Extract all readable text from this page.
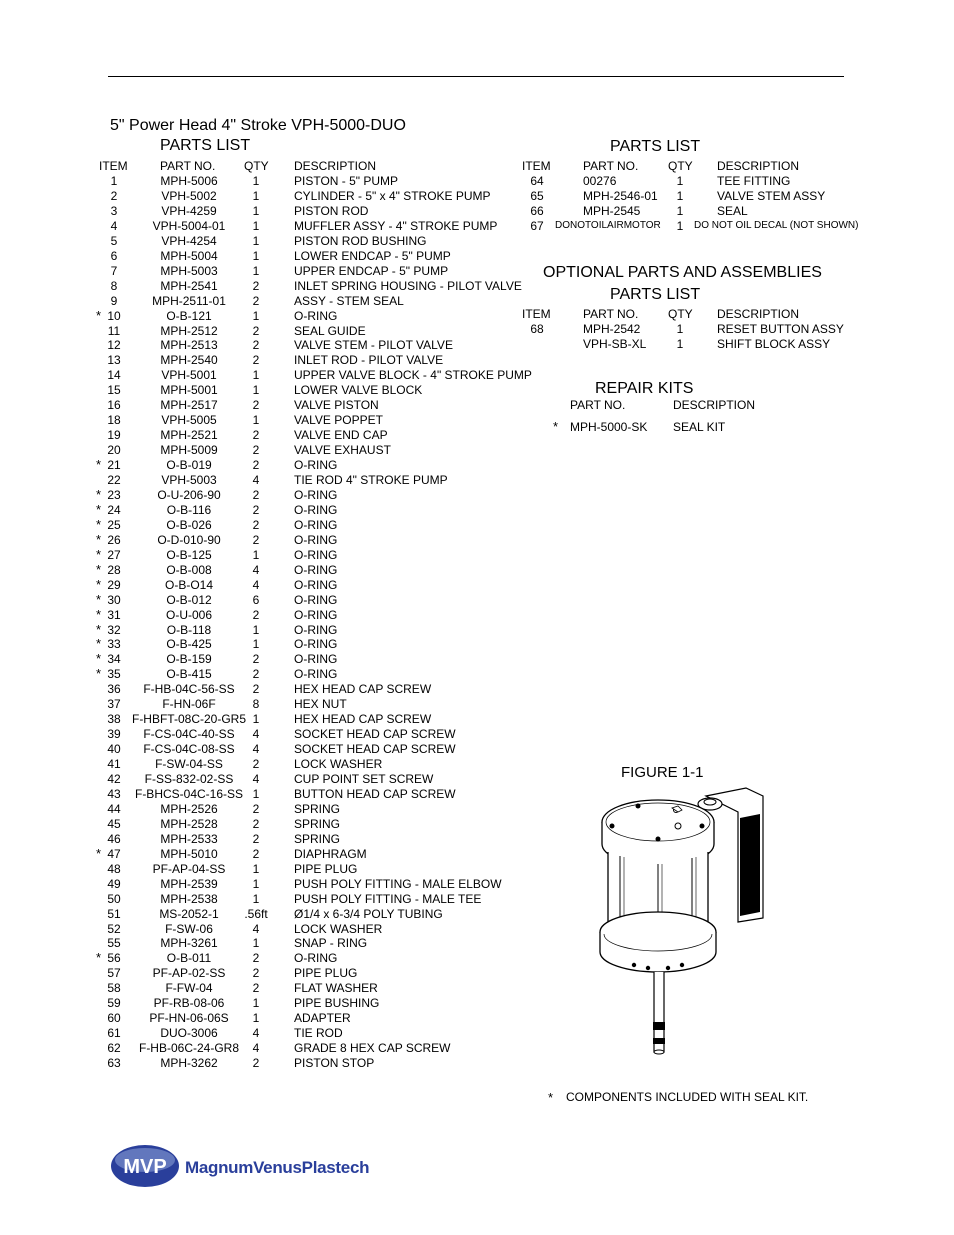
5" Power Head 4" Stroke VPH-5000-DUO
PARTS LIST
ITEM	PART NO. QTY DESCRIPTION
1	MPH-5006	1	PISTON - 5" PUMP
2	VPH-5002	1	CYLINDER - 5" x 4" STROKE PUMP
3	VPH-4259	1	PISTON ROD
4	VPH-5004-01 1	MUFFLER ASSY - 4" STROKE PUMP
5	VPH-4254	1	PISTON ROD BUSHING
6	MPH-5004	1	LOWER ENDCAP - 5" PUMP
7	MPH-5003	1	UPPER ENDCAP - 5" PUMP
8	MPH-2541	2	INLET SPRING HOUSING - PILOT VALVE
9	MPH-2511-01 2	ASSY - STEM SEAL
* 10	O-B-121	1	O-RING
11	MPH-2512	2	SEAL GUIDE
12	MPH-2513	2	VALVE STEM - PILOT VALVE
13	MPH-2540	2	INLET ROD - PILOT VALVE
14	VPH-5001	1	UPPER VALVE BLOCK - 4" STROKE PUMP
15	MPH-5001	1	LOWER VALVE BLOCK
16	MPH-2517	2	VALVE PISTON
18	VPH-5005	1	VALVE POPPET
19	MPH-2521	2	VALVE END CAP
20	MPH-5009	2	VALVE EXHAUST
* 21	O-B-019	2	O-RING
22	VPH-5003	4	TIE ROD 4" STROKE PUMP
* 23	O-U-206-90	2	O-RING
* 24	O-B-116	2	O-RING
* 25	O-B-026	2	O-RING
* 26	O-D-010-90	2	O-RING
* 27	O-B-125	1	O-RING
* 28	O-B-008	4	O-RING
* 29	O-B-O14	4	O-RING
* 30	O-B-012	6	O-RING
* 31	O-U-006	2	O-RING
* 32	O-B-118	1	O-RING
* 33	O-B-425	1	O-RING
* 34	O-B-159	2	O-RING
* 35	O-B-415	2	O-RING
36 F-HB-04C-56-SS 2	HEX HEAD CAP SCREW
37	F-HN-06F	8	HEX NUT
38 F-HBFT-08C-20-GR5 1	HEX HEAD CAP SCREW
39 F-CS-04C-40-SS 4	SOCKET HEAD CAP SCREW
40 F-CS-04C-08-SS 4	SOCKET HEAD CAP SCREW
41	F-SW-04-SS 2	LOCK WASHER
42 F-SS-832-02-SS 4	CUP POINT SET SCREW
43 F-BHCS-04C-16-SS 1	BUTTON HEAD CAP SCREW
44	MPH-2526	2	SPRING
45	MPH-2528	2	SPRING
46	MPH-2533	2	SPRING
* 47	MPH-5010	2	DIAPHRAGM
48	PF-AP-04-SS 1	PIPE PLUG
49	MPH-2539	1	PUSH POLY FITTING - MALE ELBOW
50	MPH-2538	1	PUSH POLY FITTING - MALE TEE
51	MS-2052-1 .56ft Ø1/4 x 6-3/4 POLY TUBING
52	F-SW-06	4	LOCK WASHER
55	MPH-3261	1	SNAP - RING
* 56	O-B-011	2	O-RING
57	PF-AP-02-SS 2	PIPE PLUG
58	F-FW-04	2	FLAT WASHER
59	PF-RB-08-06 1	PIPE BUSHING
60 PF-HN-06-06S 1	ADAPTER
61	DUO-3006	4	TIE ROD
62 F-HB-06C-24-GR8 4	GRADE 8 HEX CAP SCREW
63	MPH-3262	2	PISTON STOP
PARTS LIST
ITEM	PART NO. QTY DESCRIPTION
64	00276	1	TEE FITTING
65	MPH-2546-01 1	VALVE STEM ASSY
66	MPH-2545	1	SEAL
67 DONOTOILAIRMOTOR 1 DO NOT OIL DECAL (NOT SHOWN)
OPTIONAL PARTS AND ASSEMBLIES
PARTS LIST
ITEM	PART NO. QTY DESCRIPTION
68	MPH-2542	1	RESET BUTTON ASSY
VPH-SB-XL	1	SHIFT BLOCK ASSY
REPAIR KITS
PART NO.	DESCRIPTION
* MPH-5000-SK SEAL KIT
FIGURE 1-1
* COMPONENTS INCLUDED WITH SEAL KIT.
MVP MagnumVenusPlastech
